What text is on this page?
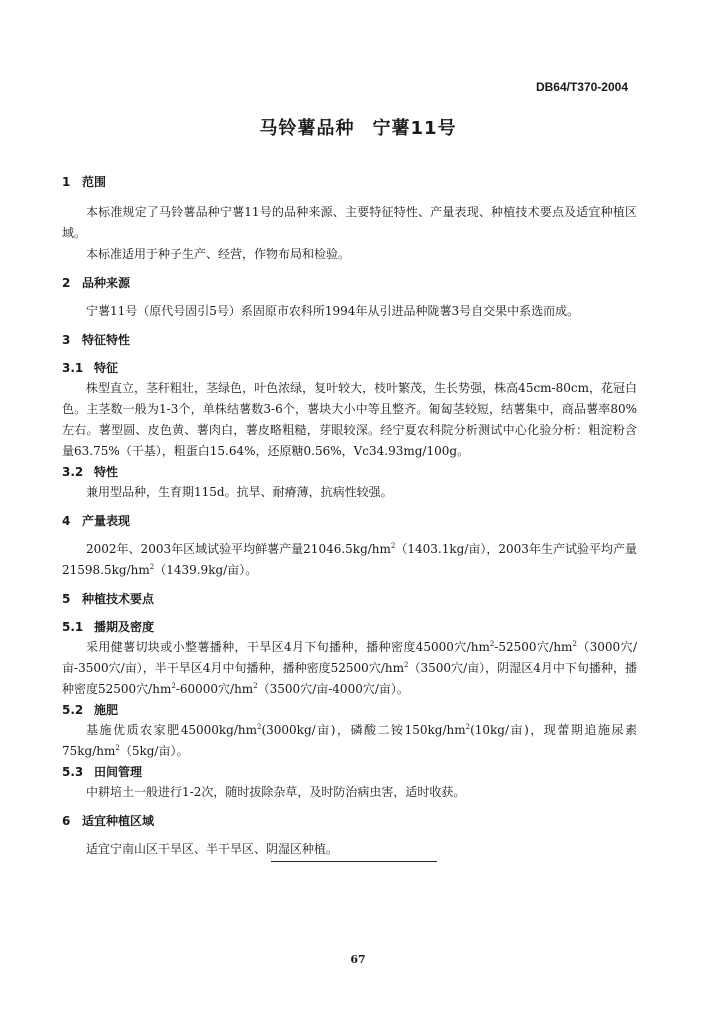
DB64/T370-2004
马铃薯品种 宁薯11号
1 范围

本标准规定了马铃薯品种宁薯11号的品种来源、主要特征特性、产量表现、种植技术要点及适宜种植区域。

本标准适用于种子生产、经营，作物布局和检验。

2 品种来源

宁薯11号（原代号固引5号）系固原市农科所1994年从引进品种陇薯3号自交果中系选而成。

3 特征特性
3.1 特征

株型直立，茎秆粗壮，茎绿色，叶色浓绿，复叶较大，枝叶繁茂，生长势强，株高45cm-80cm，花冠白色。主茎数一般为1-3个，单株结薯数3-6个，薯块大小中等且整齐。匍匐茎较短，结薯集中，商品薯率80%左右。薯型圆、皮色黄、薯肉白，薯皮略粗糙，芽眼较深。经宁夏农科院分析测试中心化验分析：粗淀粉含量63.75%（干基），粗蛋白15.64%，还原糖0.56%，Vc34.93mg/100g。

3.2 特性

兼用型品种，生育期115d。抗旱、耐瘠薄，抗病性较强。

4 产量表现

2002年、2003年区域试验平均鲜薯产量$21046.5kg/hm^2(1403.1kg/$亩），2003年生产试验平均产量$21598.5kg/hm^2(1439.9kg/$亩）。

5 种植技术要点
5.1 播期及密度

采用健薯切块或小整薯播种，干旱区4月下旬播种，播种密度45000穴$/hm^2-52500$穴$/hm^2(3000$穴/亩-3500穴/亩），半干旱区4月中旬播种，播种密度52500穴$/hm^2(3500$穴/亩），阴湿区4月中下旬播种，播种密度52500穴$/hm^2-60000$穴$/hm^2(3500$穴/亩-4000穴/亩）。

5.2 施肥

基施优质农家肥$45000kg/hm^2(3000kg/$亩)，磷酸二铵$150kg/hm^2(10kg/$亩)，现蕾期追施尿素$75kg/hm^2(5kg/$亩）。

5.3 田间管理

中耕培土一般进行1-2次，随时拔除杂草，及时防治病虫害，适时收获。

6 适宜种植区域

适宜宁南山区干旱区、半干旱区、阴湿区种植。

67
